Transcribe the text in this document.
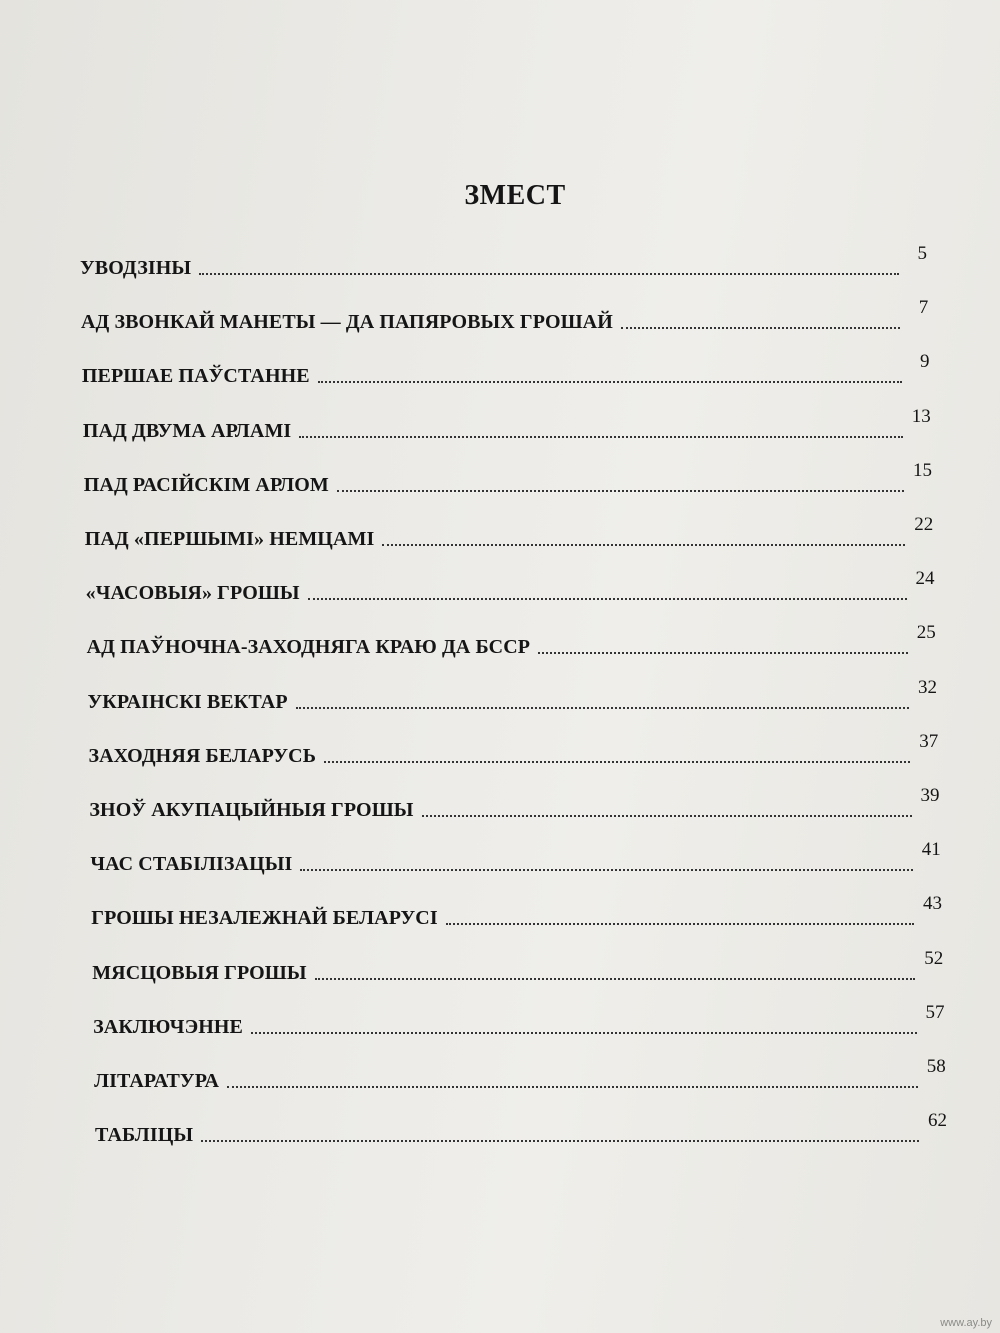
ЗМЕСТ
УВОДЗІНЫ
5
АД ЗВОНКАЙ МАНЕТЫ — ДА ПАПЯРОВЫХ ГРОШАЙ
7
ПЕРШАЕ ПАЎСТАННЕ
9
ПАД ДВУМА АРЛАМІ
13
ПАД РАСІЙСКІМ АРЛОМ
15
ПАД «ПЕРШЫМІ» НЕМЦАМІ
22
«ЧАСОВЫЯ» ГРОШЫ
24
АД ПАЎНОЧНА-ЗАХОДНЯГА КРАЮ ДА БССР
25
УКРАІНСКІ ВЕКТАР
32
ЗАХОДНЯЯ БЕЛАРУСЬ
37
ЗНОЎ АКУПАЦЫЙНЫЯ ГРОШЫ
39
ЧАС СТАБІЛІЗАЦЫІ
41
ГРОШЫ НЕЗАЛЕЖНАЙ БЕЛАРУСІ
43
МЯСЦОВЫЯ ГРОШЫ
52
ЗАКЛЮЧЭННЕ
57
ЛІТАРАТУРА
58
ТАБЛІЦЫ
62
www.ay.by
